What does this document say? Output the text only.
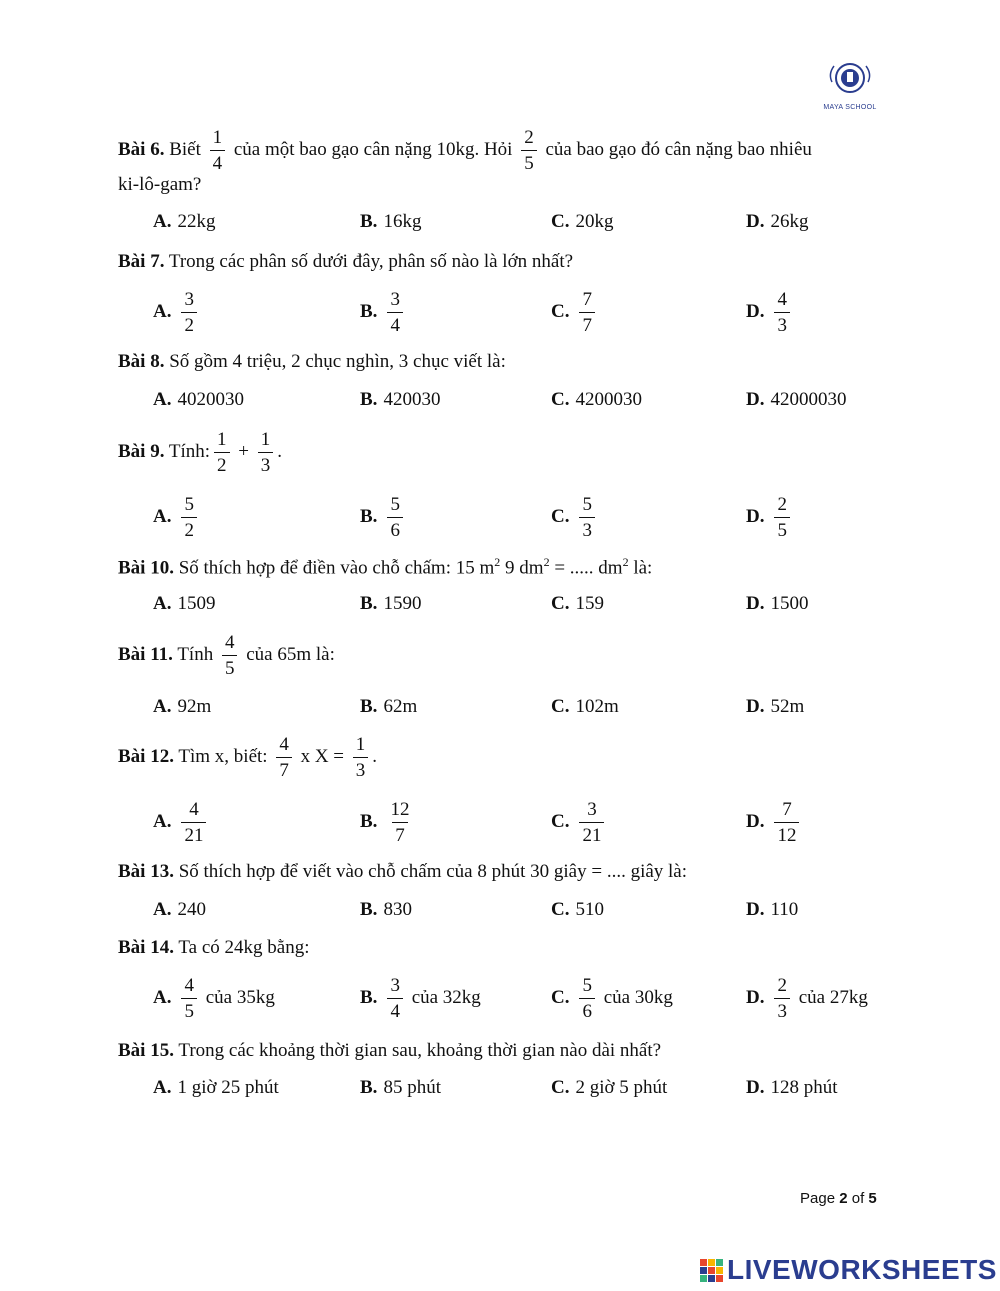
MAYA SCHOOL
Bài 6. Biết $\frac{1}{4}$ của một bao gạo cân nặng 10kg. Hỏi $\frac{2}{5}$ của bao gạo đó cân nặng bao nhiêu
ki-lô-gam?
A. 22kg	B. 16kg	C. 20kg	D. 26kg
Bài 7. Trong các phân số dưới đây, phân số nào là lớn nhất?
A. $\frac{3}{2}$	B. $\frac{3}{4}$	C. $\frac{7}{7}$	D. $\frac{4}{3}$
Bài 8. Số gồm 4 triệu, 2 chục nghìn, 3 chục viết là:
A. 4020030	B. 420030	C. 4200030	D. 42000030
Bài 9. Tính: $\frac{1}{2} + \frac{1}{3}$ .
A. $\frac{5}{2}$	B. $\frac{5}{6}$	C. $\frac{5}{3}$	D. $\frac{2}{5}$
Bài 10. Số thích hợp để điền vào chỗ chấm: 15 $m^2$ 9 $dm^2$ = ..... $dm^2$ là:
A. 1509	B. 1590	C. 159	D. 1500
Bài 11. Tính $\frac{4}{5}$ của 65m là:
A. 92m	B. 62m	C. 102m	D. 52m
Bài 12. Tìm x, biết: $\frac{4}{7}$ x $X = \frac{1}{3}$ .
A. $\frac{4}{21}$	B. $\frac{12}{7}$	C. $\frac{3}{21}$	D. $\frac{7}{12}$
Bài 13. Số thích hợp để viết vào chỗ chấm của 8 phút 30 giây = .... giây là:
A. 240	B. 830	C. 510	D. 110
Bài 14. Ta có 24kg bằng:
A. $\frac{4}{5}$ của 35kg	B. $\frac{3}{4}$ của 32kg	C. $\frac{5}{6}$ của 30kg	D. $\frac{2}{3}$ của 27kg
Bài 15. Trong các khoảng thời gian sau, khoảng thời gian nào dài nhất?
A. 1 giờ 25 phút	B. 85 phút	C. 2 giờ 5 phút	D. 128 phút
Page 2 of 5
LIVEWORKSHEETS
